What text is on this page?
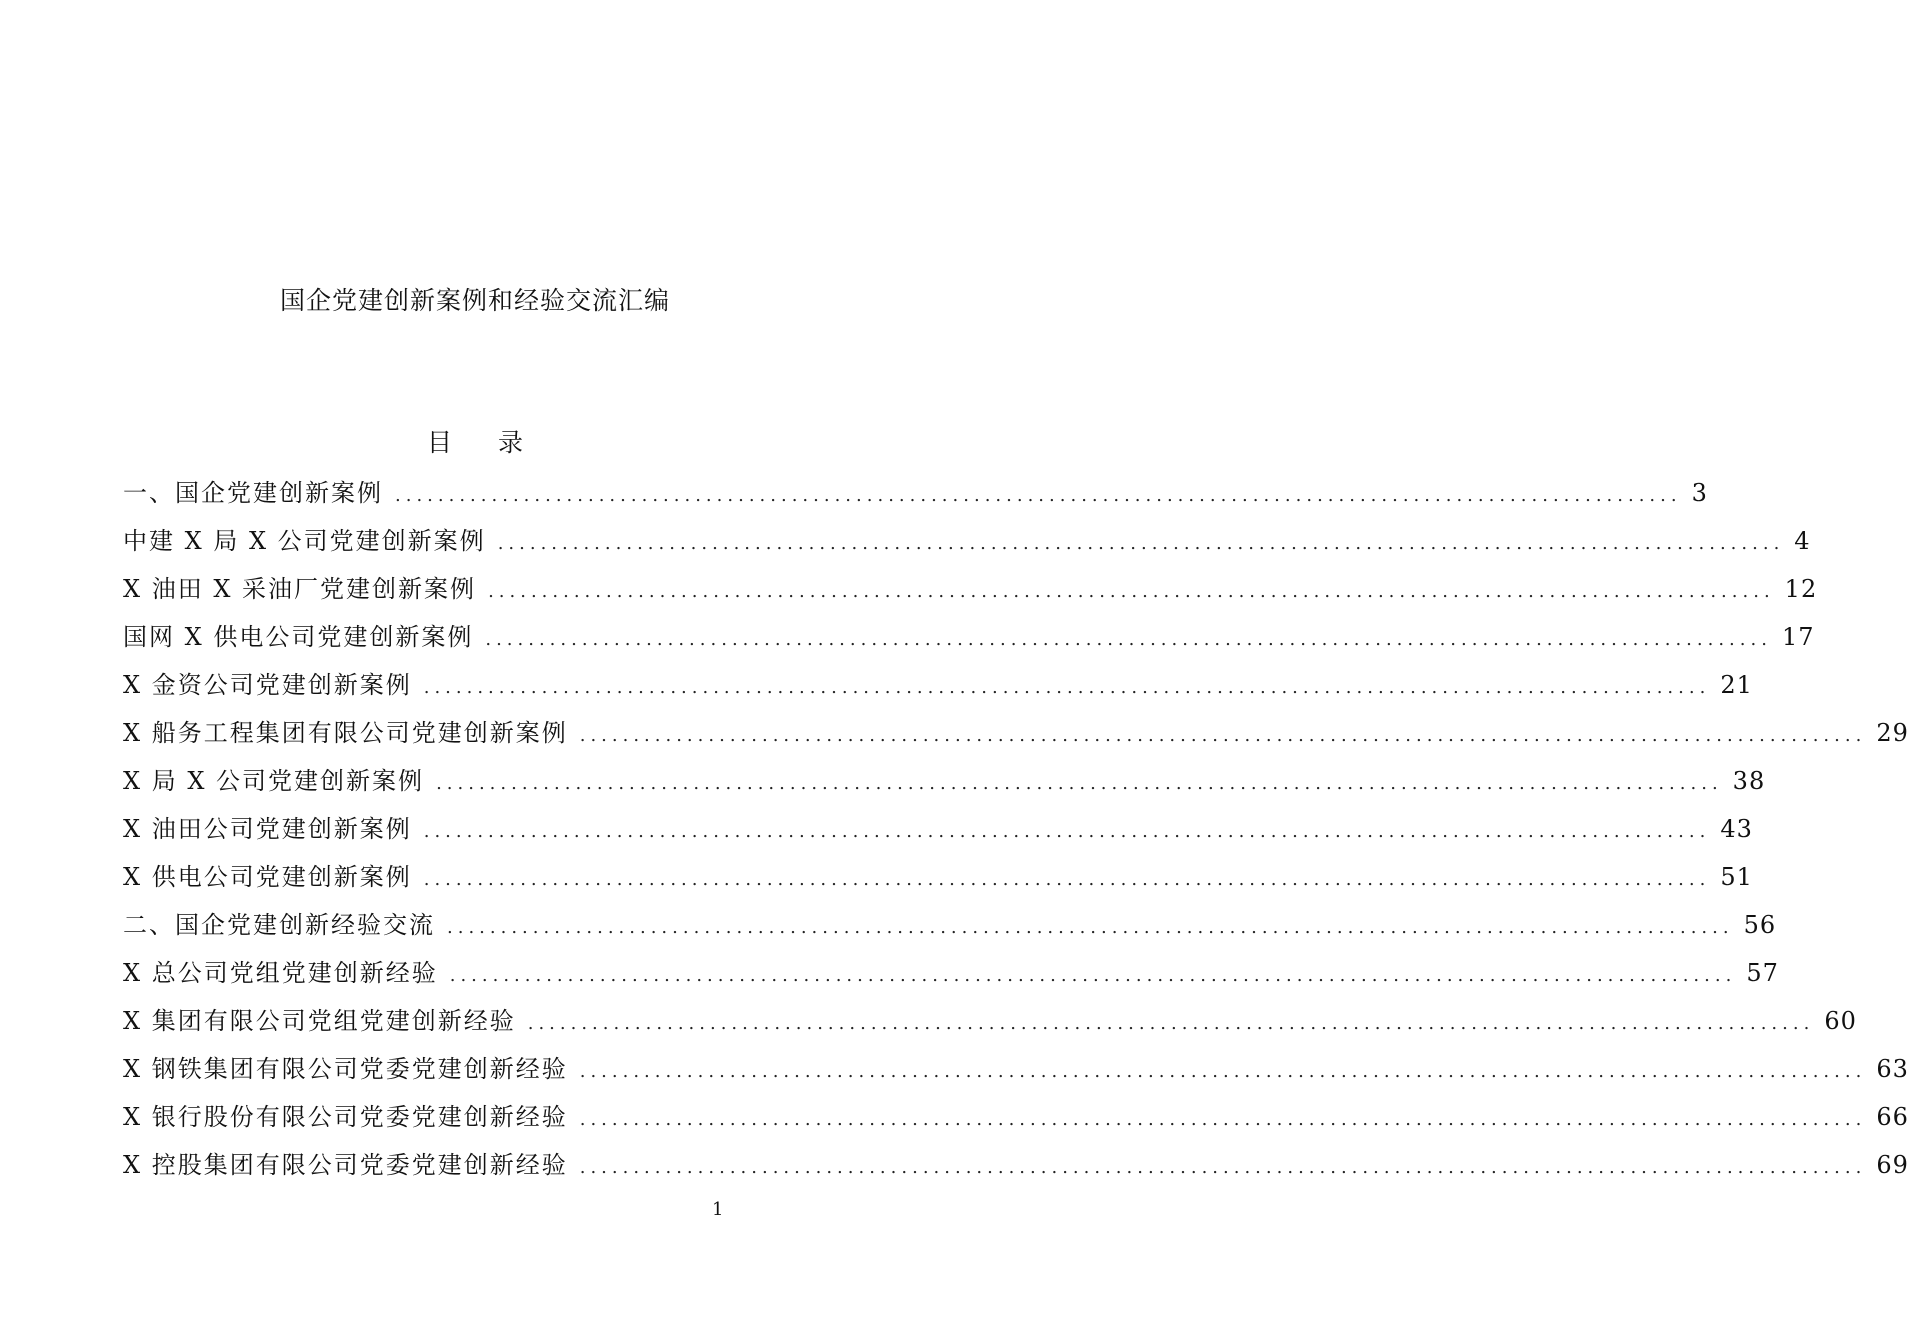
国企党建创新案例和经验交流汇编
目 录
一、国企党建创新案例 ........................................................................................................................ 3
中建 X 局 X 公司党建创新案例 ........................................................................................................................ 4
X 油田 X 采油厂党建创新案例 ........................................................................................................................ 12
国网 X 供电公司党建创新案例 ........................................................................................................................ 17
X 金资公司党建创新案例 ........................................................................................................................ 21
X 船务工程集团有限公司党建创新案例 ........................................................................................................................ 29
X 局 X 公司党建创新案例 ........................................................................................................................ 38
X 油田公司党建创新案例 ........................................................................................................................ 43
X 供电公司党建创新案例 ........................................................................................................................ 51
二、国企党建创新经验交流 ........................................................................................................................ 56
X 总公司党组党建创新经验 ........................................................................................................................ 57
X 集团有限公司党组党建创新经验 ........................................................................................................................ 60
X 钢铁集团有限公司党委党建创新经验 ........................................................................................................................ 63
X 银行股份有限公司党委党建创新经验 ........................................................................................................................ 66
X 控股集团有限公司党委党建创新经验 ........................................................................................................................ 69
1
